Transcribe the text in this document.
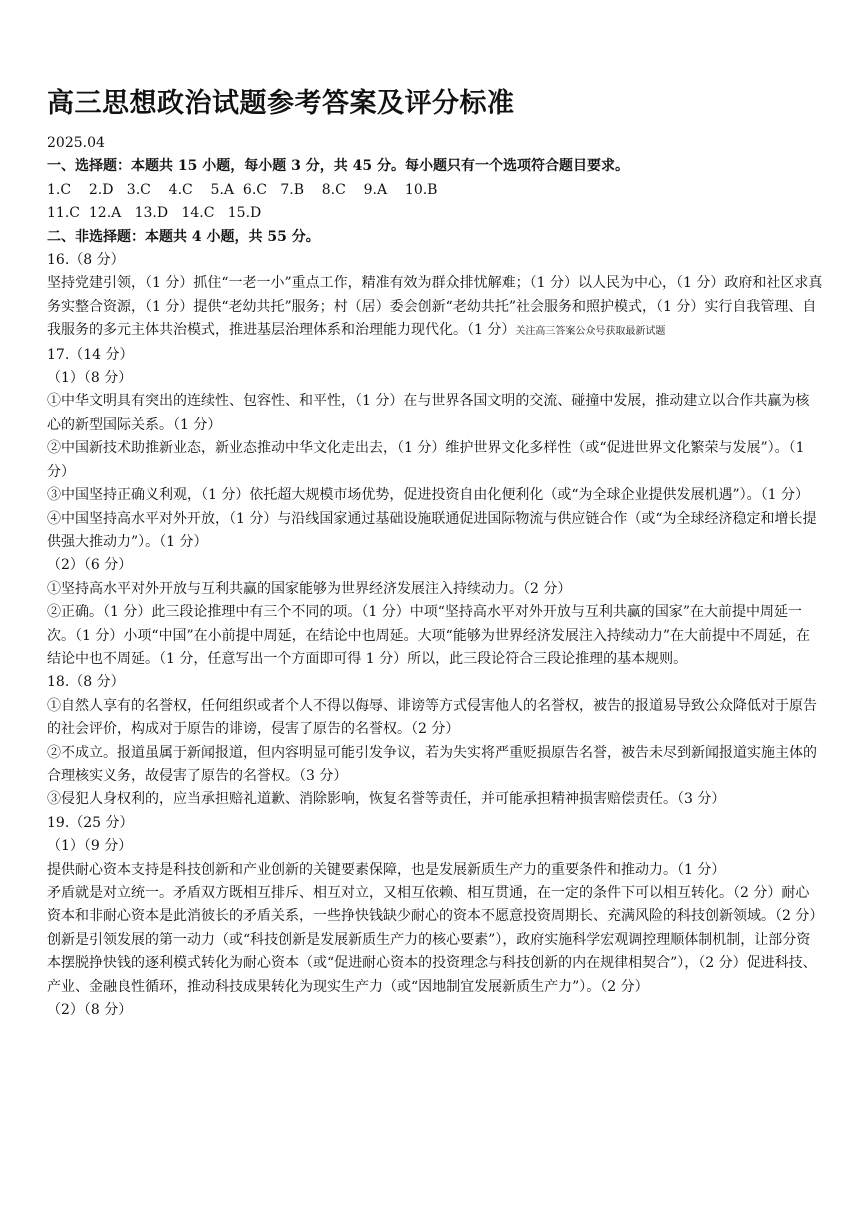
高三思想政治试题参考答案及评分标准
2025.04
一、选择题：本题共 15 小题，每小题 3 分，共 45 分。每小题只有一个选项符合题目要求。
1.C    2.D   3.C    4.C    5.A  6.C   7.B    8.C    9.A    10.B
11.C  12.A   13.D   14.C   15.D
二、非选择题：本题共 4 小题，共 55 分。
16.（8 分）
坚持党建引领，（1 分）抓住“一老一小”重点工作，精准有效为群众排忧解难；（1 分）以人民为中心，（1 分）政府和社区求真务实整合资源，（1 分）提供“老幼共托”服务；村（居）委会创新“老幼共托”社会服务和照护模式，（1 分）实行自我管理、自我服务的多元主体共治模式，推进基层治理体系和治理能力现代化。（1 分）关注高三答案公众号获取最新试题
17.（14 分）
（1）（8 分）
①中华文明具有突出的连续性、包容性、和平性，（1 分）在与世界各国文明的交流、碰撞中发展，推动建立以合作共赢为核心的新型国际关系。（1 分）
②中国新技术助推新业态，新业态推动中华文化走出去，（1 分）维护世界文化多样性（或“促进世界文化繁荣与发展”）。（1 分）
③中国坚持正确义利观，（1 分）依托超大规模市场优势，促进投资自由化便利化（或“为全球企业提供发展机遇”）。（1 分）
④中国坚持高水平对外开放，（1 分）与沿线国家通过基础设施联通促进国际物流与供应链合作（或“为全球经济稳定和增长提供强大推动力”）。（1 分）
（2）（6 分）
①坚持高水平对外开放与互利共赢的国家能够为世界经济发展注入持续动力。（2 分）
②正确。（1 分）此三段论推理中有三个不同的项。（1 分）中项“坚持高水平对外开放与互利共赢的国家”在大前提中周延一次。（1 分）小项“中国”在小前提中周延，在结论中也周延。大项“能够为世界经济发展注入持续动力”在大前提中不周延，在结论中也不周延。（1 分，任意写出一个方面即可得 1 分）所以，此三段论符合三段论推理的基本规则。
18.（8 分）
①自然人享有的名誉权，任何组织或者个人不得以侮辱、诽谤等方式侵害他人的名誉权，被告的报道易导致公众降低对于原告的社会评价，构成对于原告的诽谤，侵害了原告的名誉权。（2 分）
②不成立。报道虽属于新闻报道，但内容明显可能引发争议，若为失实将严重贬损原告名誉，被告未尽到新闻报道实施主体的合理核实义务，故侵害了原告的名誉权。（3 分）
③侵犯人身权利的，应当承担赔礼道歉、消除影响，恢复名誉等责任，并可能承担精神损害赔偿责任。（3 分）
19.（25 分）
（1）（9 分）
提供耐心资本支持是科技创新和产业创新的关键要素保障，也是发展新质生产力的重要条件和推动力。（1 分）
矛盾就是对立统一。矛盾双方既相互排斥、相互对立，又相互依赖、相互贯通，在一定的条件下可以相互转化。（2 分）耐心资本和非耐心资本是此消彼长的矛盾关系，一些挣快钱缺少耐心的资本不愿意投资周期长、充满风险的科技创新领域。（2 分）
创新是引领发展的第一动力（或“科技创新是发展新质生产力的核心要素”），政府实施科学宏观调控理顺体制机制，让部分资本摆脱挣快钱的逐利模式转化为耐心资本（或“促进耐心资本的投资理念与科技创新的内在规律相契合”），（2 分）促进科技、产业、金融良性循环，推动科技成果转化为现实生产力（或“因地制宜发展新质生产力”）。（2 分）
（2）（8 分）
